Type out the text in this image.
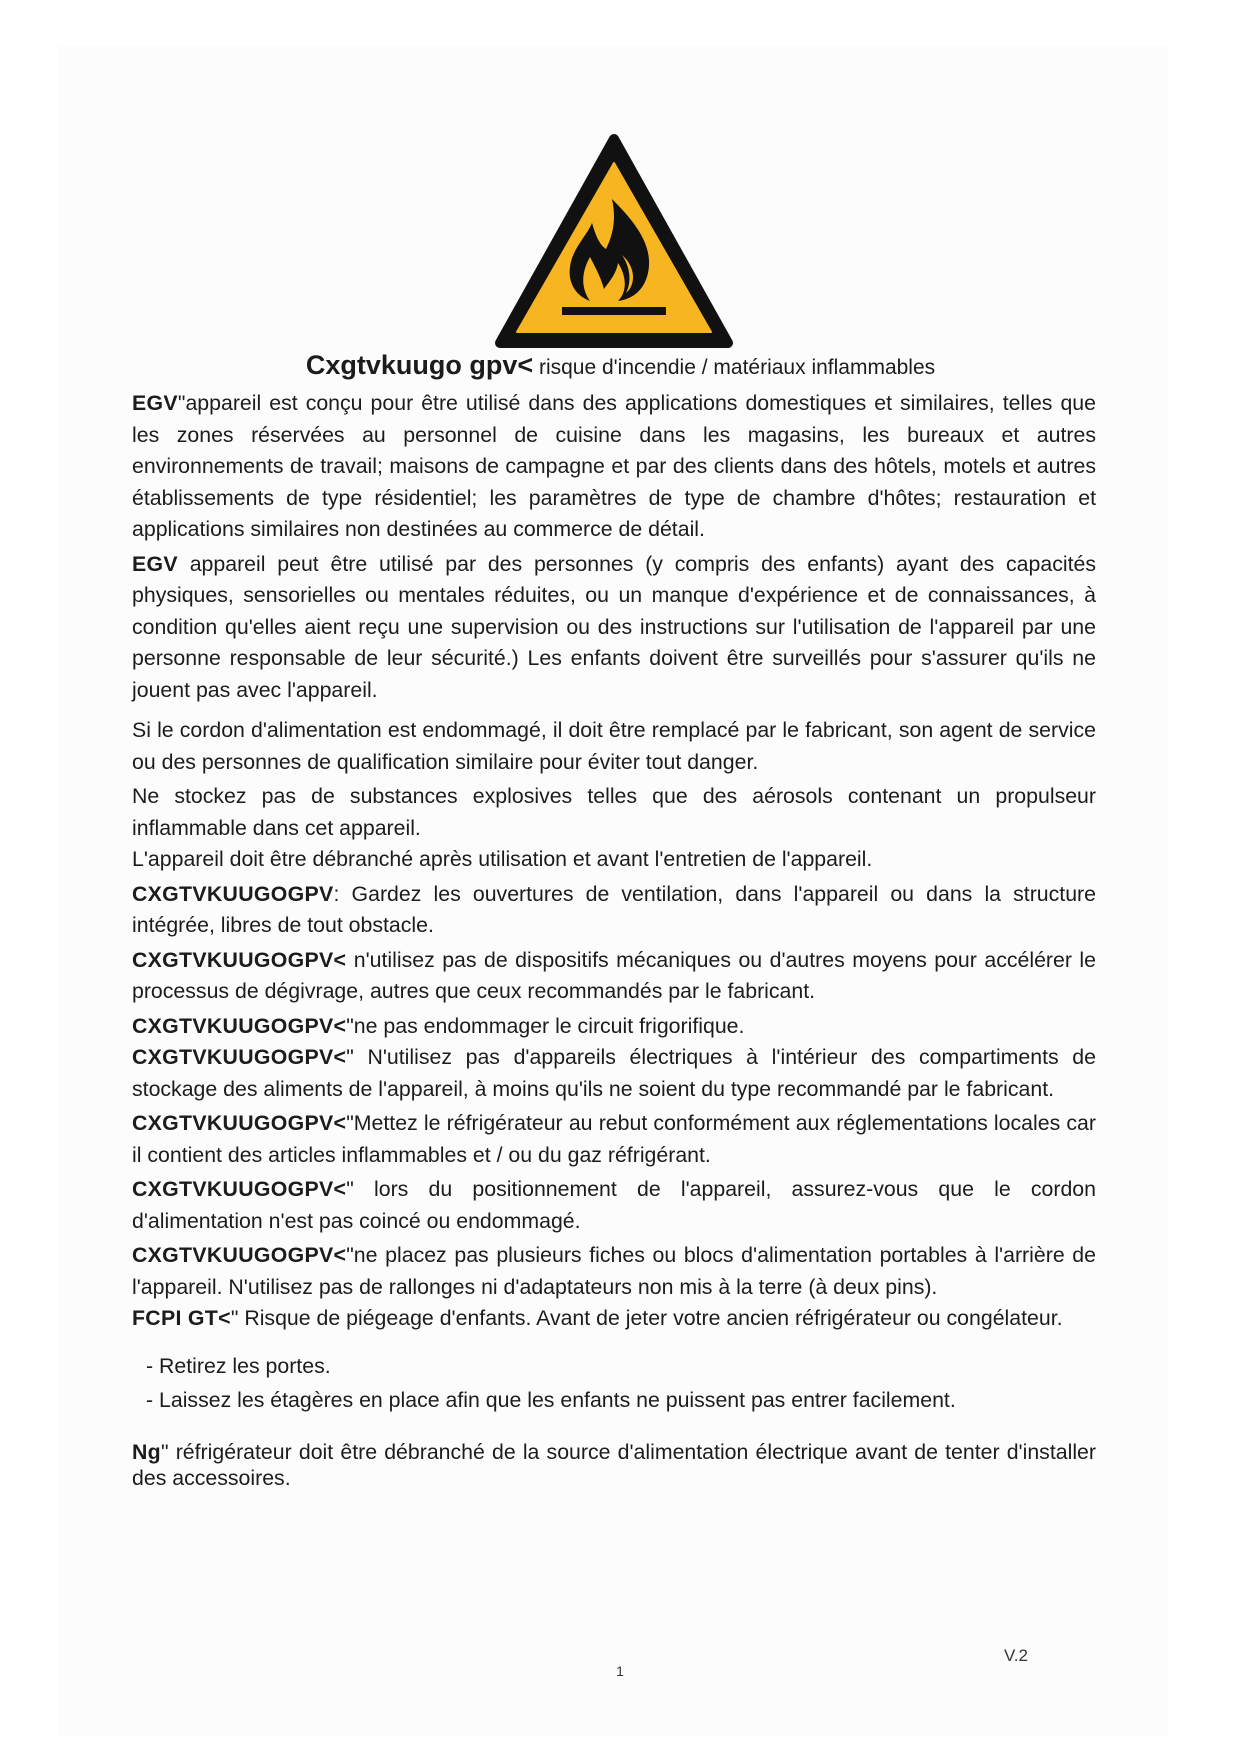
Cxgtvkuugo gpv< risque d'incendie / matériaux inflammables

EGV"appareil est conçu pour être utilisé dans des applications domestiques et similaires, telles que les zones réservées au personnel de cuisine dans les magasins, les bureaux et autres environnements de travail; maisons de campagne et par des clients dans des hôtels, motels et autres établissements de type résidentiel; les paramètres de type de chambre d'hôtes; restauration et applications similaires non destinées au commerce de détail.

EGV appareil peut être utilisé par des personnes (y compris des enfants) ayant des capacités physiques, sensorielles ou mentales réduites, ou un manque d'expérience et de connaissances, à condition qu'elles aient reçu une supervision ou des instructions sur l'utilisation de l'appareil par une personne responsable de leur sécurité.) Les enfants doivent être surveillés pour s'assurer qu'ils ne jouent pas avec l'appareil.

Si le cordon d'alimentation est endommagé, il doit être remplacé par le fabricant, son agent de service ou des personnes de qualification similaire pour éviter tout danger.

Ne stockez pas de substances explosives telles que des aérosols contenant un propulseur inflammable dans cet appareil.

L'appareil doit être débranché après utilisation et avant l'entretien de l'appareil.

CXGTVKUUGOGPV: Gardez les ouvertures de ventilation, dans l'appareil ou dans la structure intégrée, libres de tout obstacle.

CXGTVKUUGOGPV< n'utilisez pas de dispositifs mécaniques ou d'autres moyens pour accélérer le processus de dégivrage, autres que ceux recommandés par le fabricant.

CXGTVKUUGOGPV<"ne pas endommager le circuit frigorifique.

CXGTVKUUGOGPV<" N'utilisez pas d'appareils électriques à l'intérieur des compartiments de stockage des aliments de l'appareil, à moins qu'ils ne soient du type recommandé par le fabricant.

CXGTVKUUGOGPV<"Mettez le réfrigérateur au rebut conformément aux réglementations locales car il contient des articles inflammables et / ou du gaz réfrigérant.

CXGTVKUUGOGPV<" lors du positionnement de l'appareil, assurez-vous que le cordon d'alimentation n'est pas coincé ou endommagé.

CXGTVKUUGOGPV<"ne placez pas plusieurs fiches ou blocs d'alimentation portables à l'arrière de l'appareil. N'utilisez pas de rallonges ni d'adaptateurs non mis à la terre (à deux pins).

FCPI GT<" Risque de piégeage d'enfants. Avant de jeter votre ancien réfrigérateur ou congélateur.

- Retirez les portes.
- Laissez les étagères en place afin que les enfants ne puissent pas entrer facilement.

Ng" réfrigérateur doit être débranché de la source d'alimentation électrique avant de tenter d'installer des accessoires.

V.2
1
